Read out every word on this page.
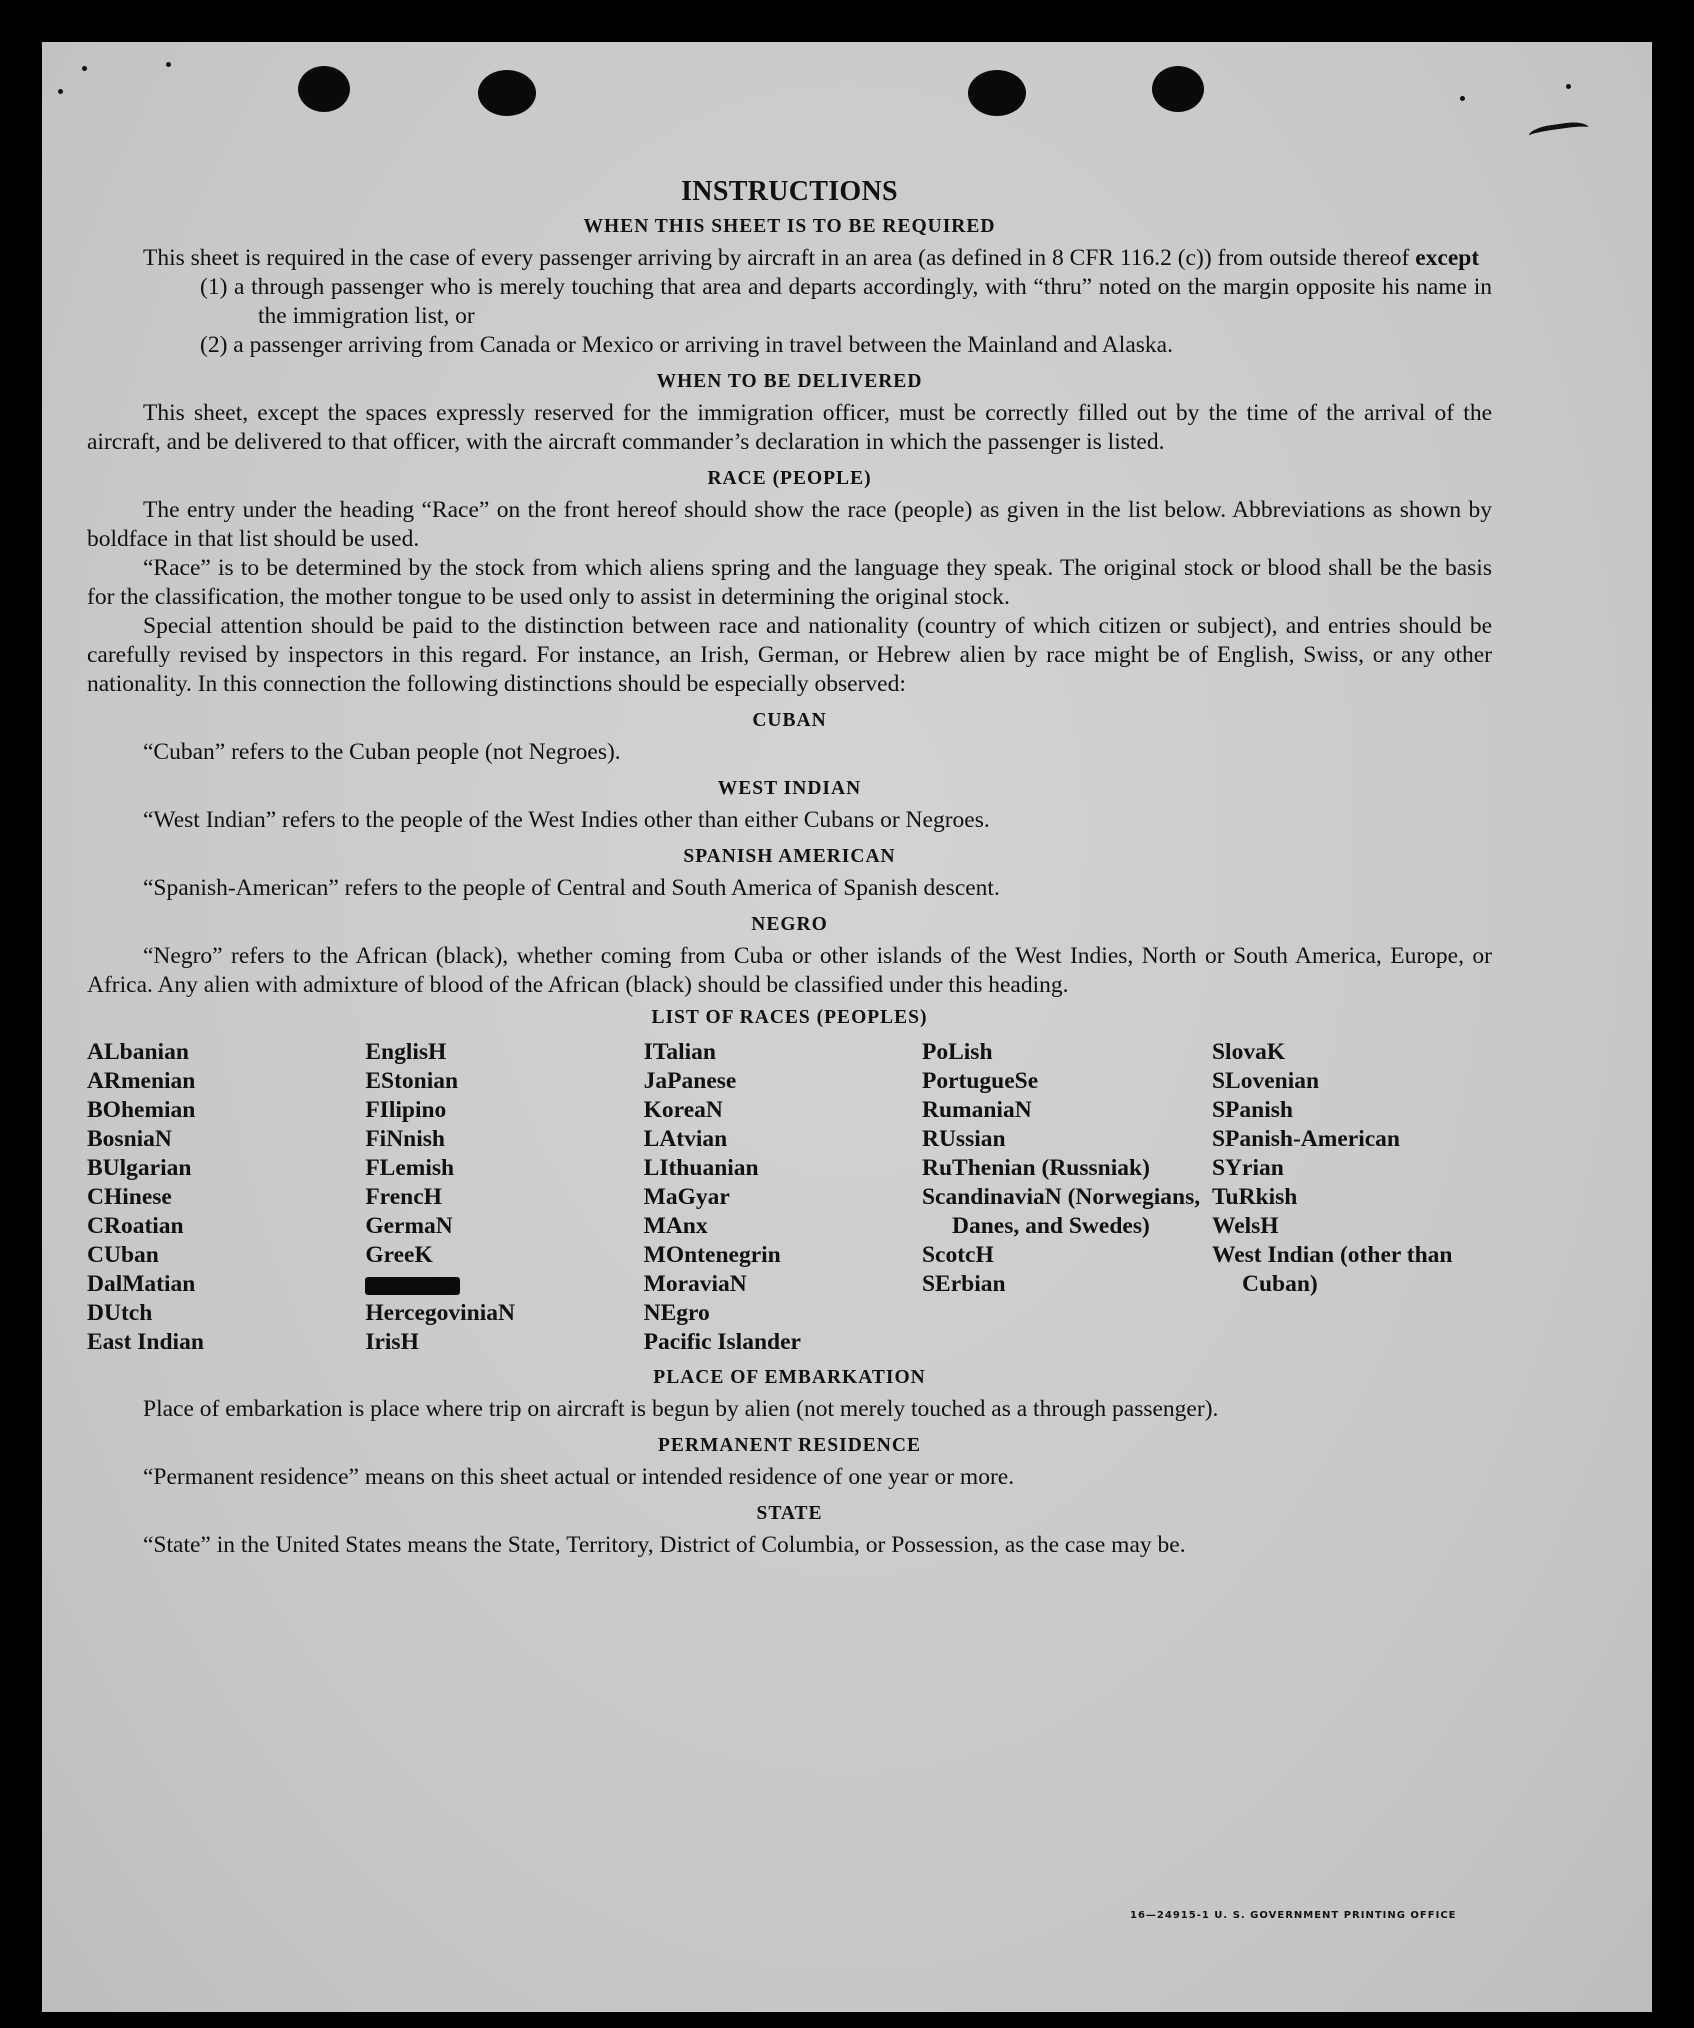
INSTRUCTIONS
WHEN THIS SHEET IS TO BE REQUIRED

This sheet is required in the case of every passenger arriving by aircraft in an area (as defined in 8 CFR 116.2 (c)) from outside thereof except

(1) a through passenger who is merely touching that area and departs accordingly, with “thru” noted on the margin opposite his name in the immigration list, or

(2) a passenger arriving from Canada or Mexico or arriving in travel between the Mainland and Alaska.

WHEN TO BE DELIVERED

This sheet, except the spaces expressly reserved for the immigration officer, must be correctly filled out by the time of the arrival of the aircraft, and be delivered to that officer, with the aircraft commander’s declaration in which the passenger is listed.

RACE (PEOPLE)

The entry under the heading “Race” on the front hereof should show the race (people) as given in the list below. Abbreviations as shown by boldface in that list should be used.

“Race” is to be determined by the stock from which aliens spring and the language they speak. The original stock or blood shall be the basis for the classification, the mother tongue to be used only to assist in determining the original stock.

Special attention should be paid to the distinction between race and nationality (country of which citizen or subject), and entries should be carefully revised by inspectors in this regard. For instance, an Irish, German, or Hebrew alien by race might be of English, Swiss, or any other nationality. In this connection the following distinctions should be especially observed:

CUBAN

“Cuban” refers to the Cuban people (not Negroes).

WEST INDIAN

“West Indian” refers to the people of the West Indies other than either Cubans or Negroes.

SPANISH AMERICAN

“Spanish-American” refers to the people of Central and South America of Spanish descent.

NEGRO

“Negro” refers to the African (black), whether coming from Cuba or other islands of the West Indies, North or South America, Europe, or Africa. Any alien with admixture of blood of the African (black) should be classified under this heading.

LIST OF RACES (PEOPLES)

ALbanian

ARmenian

BOhemian

BosniaN

BUlgarian

CHinese

CRoatian

CUban

DalMatian

DUtch

East Indian

EnglisH

EStonian

FIlipino

FiNnish

FLemish

FrencH

GermaN

GreeK

HercegoviniaN

IrisH

ITalian

JaPanese

KoreaN

LAtvian

LIthuanian

MaGyar

MAnx

MOntenegrin

MoraviaN

NEgro

Pacific Islander

PoLish

PortugueSe

RumaniaN

RUssian

RuThenian (Russniak)

ScandinaviaN (Norwegians, Danes, and Swedes)

ScotcH

SErbian

SlovaK

SLovenian

SPanish

SPanish-American

SYrian

TuRkish

WelsH

West Indian (other than Cuban)

PLACE OF EMBARKATION

Place of embarkation is place where trip on aircraft is begun by alien (not merely touched as a through passenger).

PERMANENT RESIDENCE

“Permanent residence” means on this sheet actual or intended residence of one year or more.

STATE

“State” in the United States means the State, Territory, District of Columbia, or Possession, as the case may be.

16—24915-1 U. S. GOVERNMENT PRINTING OFFICE
